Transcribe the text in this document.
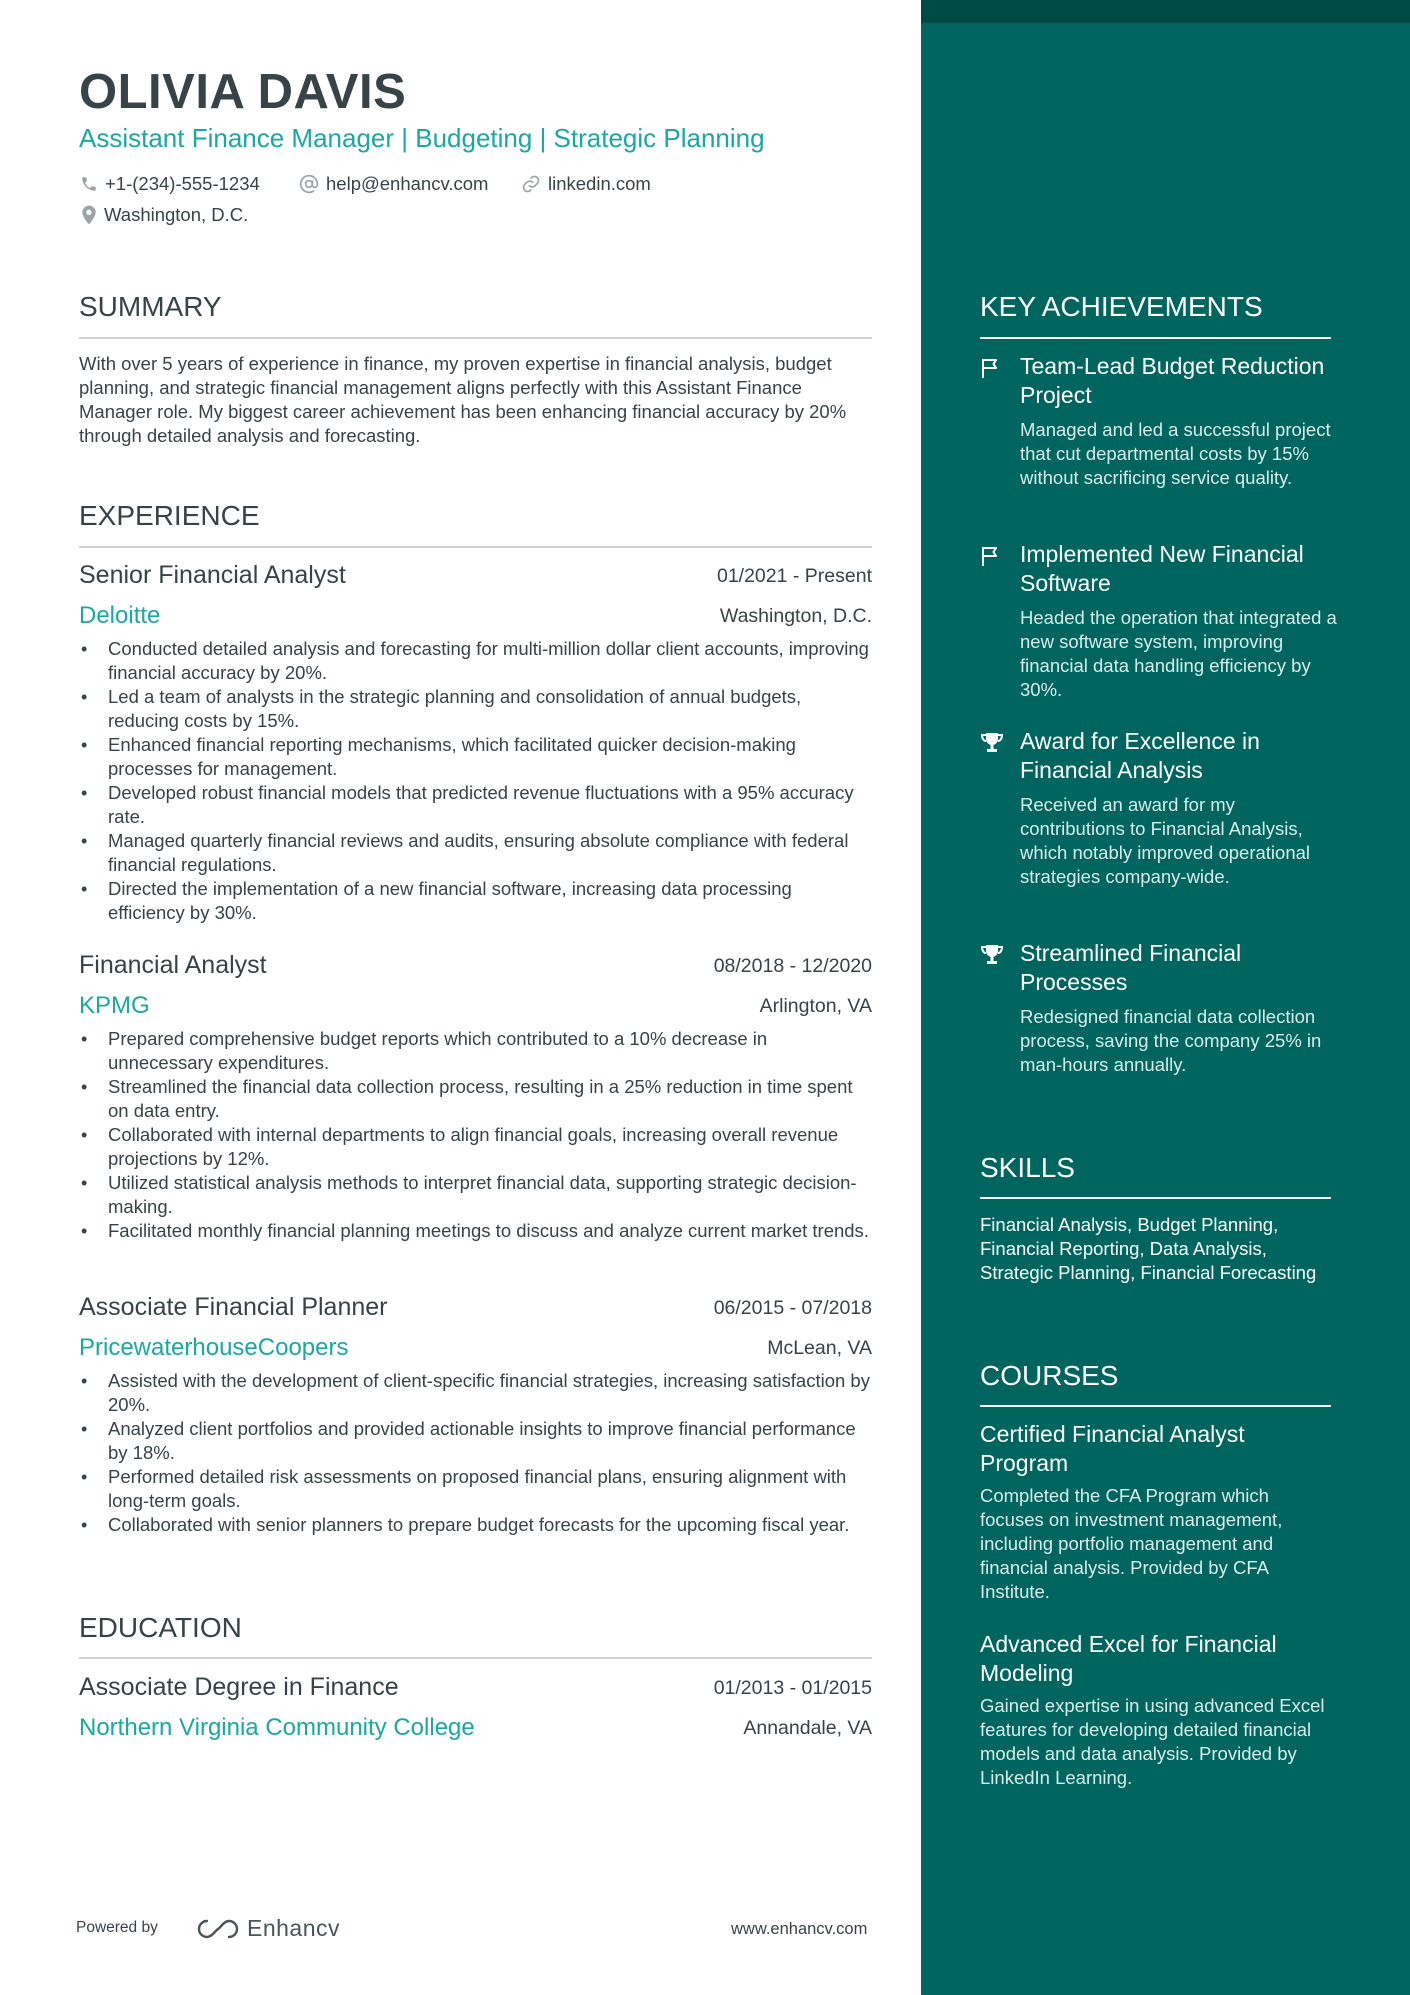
OLIVIA DAVIS
Assistant Finance Manager | Budgeting | Strategic Planning
+1-(234)-555-1234	help@enhancv.com	linkedin.com
Washington, D.C.
SUMMARY
With over 5 years of experience in finance, my proven expertise in financial analysis, budget planning, and strategic financial management aligns perfectly with this Assistant Finance Manager role. My biggest career achievement has been enhancing financial accuracy by 20% through detailed analysis and forecasting.
EXPERIENCE
Senior Financial Analyst	01/2021 - Present
Deloitte	Washington, D.C.
• Conducted detailed analysis and forecasting for multi-million dollar client accounts, improving financial accuracy by 20%.
• Led a team of analysts in the strategic planning and consolidation of annual budgets, reducing costs by 15%.
• Enhanced financial reporting mechanisms, which facilitated quicker decision-making processes for management.
• Developed robust financial models that predicted revenue fluctuations with a 95% accuracy rate.
• Managed quarterly financial reviews and audits, ensuring absolute compliance with federal financial regulations.
• Directed the implementation of a new financial software, increasing data processing efficiency by 30%.
Financial Analyst	08/2018 - 12/2020
KPMG	Arlington, VA
• Prepared comprehensive budget reports which contributed to a 10% decrease in unnecessary expenditures.
• Streamlined the financial data collection process, resulting in a 25% reduction in time spent on data entry.
• Collaborated with internal departments to align financial goals, increasing overall revenue projections by 12%.
• Utilized statistical analysis methods to interpret financial data, supporting strategic decision-making.
• Facilitated monthly financial planning meetings to discuss and analyze current market trends.
Associate Financial Planner	06/2015 - 07/2018
PricewaterhouseCoopers	McLean, VA
• Assisted with the development of client-specific financial strategies, increasing satisfaction by 20%.
• Analyzed client portfolios and provided actionable insights to improve financial performance by 18%.
• Performed detailed risk assessments on proposed financial plans, ensuring alignment with long-term goals.
• Collaborated with senior planners to prepare budget forecasts for the upcoming fiscal year.
EDUCATION
Associate Degree in Finance	01/2013 - 01/2015
Northern Virginia Community College	Annandale, VA
Powered by	Enhancv	www.enhancv.com
KEY ACHIEVEMENTS
Team-Lead Budget Reduction Project
Managed and led a successful project that cut departmental costs by 15% without sacrificing service quality.
Implemented New Financial Software
Headed the operation that integrated a new software system, improving financial data handling efficiency by 30%.
Award for Excellence in Financial Analysis
Received an award for my contributions to Financial Analysis, which notably improved operational strategies company-wide.
Streamlined Financial Processes
Redesigned financial data collection process, saving the company 25% in man-hours annually.
SKILLS
Financial Analysis, Budget Planning, Financial Reporting, Data Analysis, Strategic Planning, Financial Forecasting
COURSES
Certified Financial Analyst Program
Completed the CFA Program which focuses on investment management, including portfolio management and financial analysis. Provided by CFA Institute.
Advanced Excel for Financial Modeling
Gained expertise in using advanced Excel features for developing detailed financial models and data analysis. Provided by LinkedIn Learning.
